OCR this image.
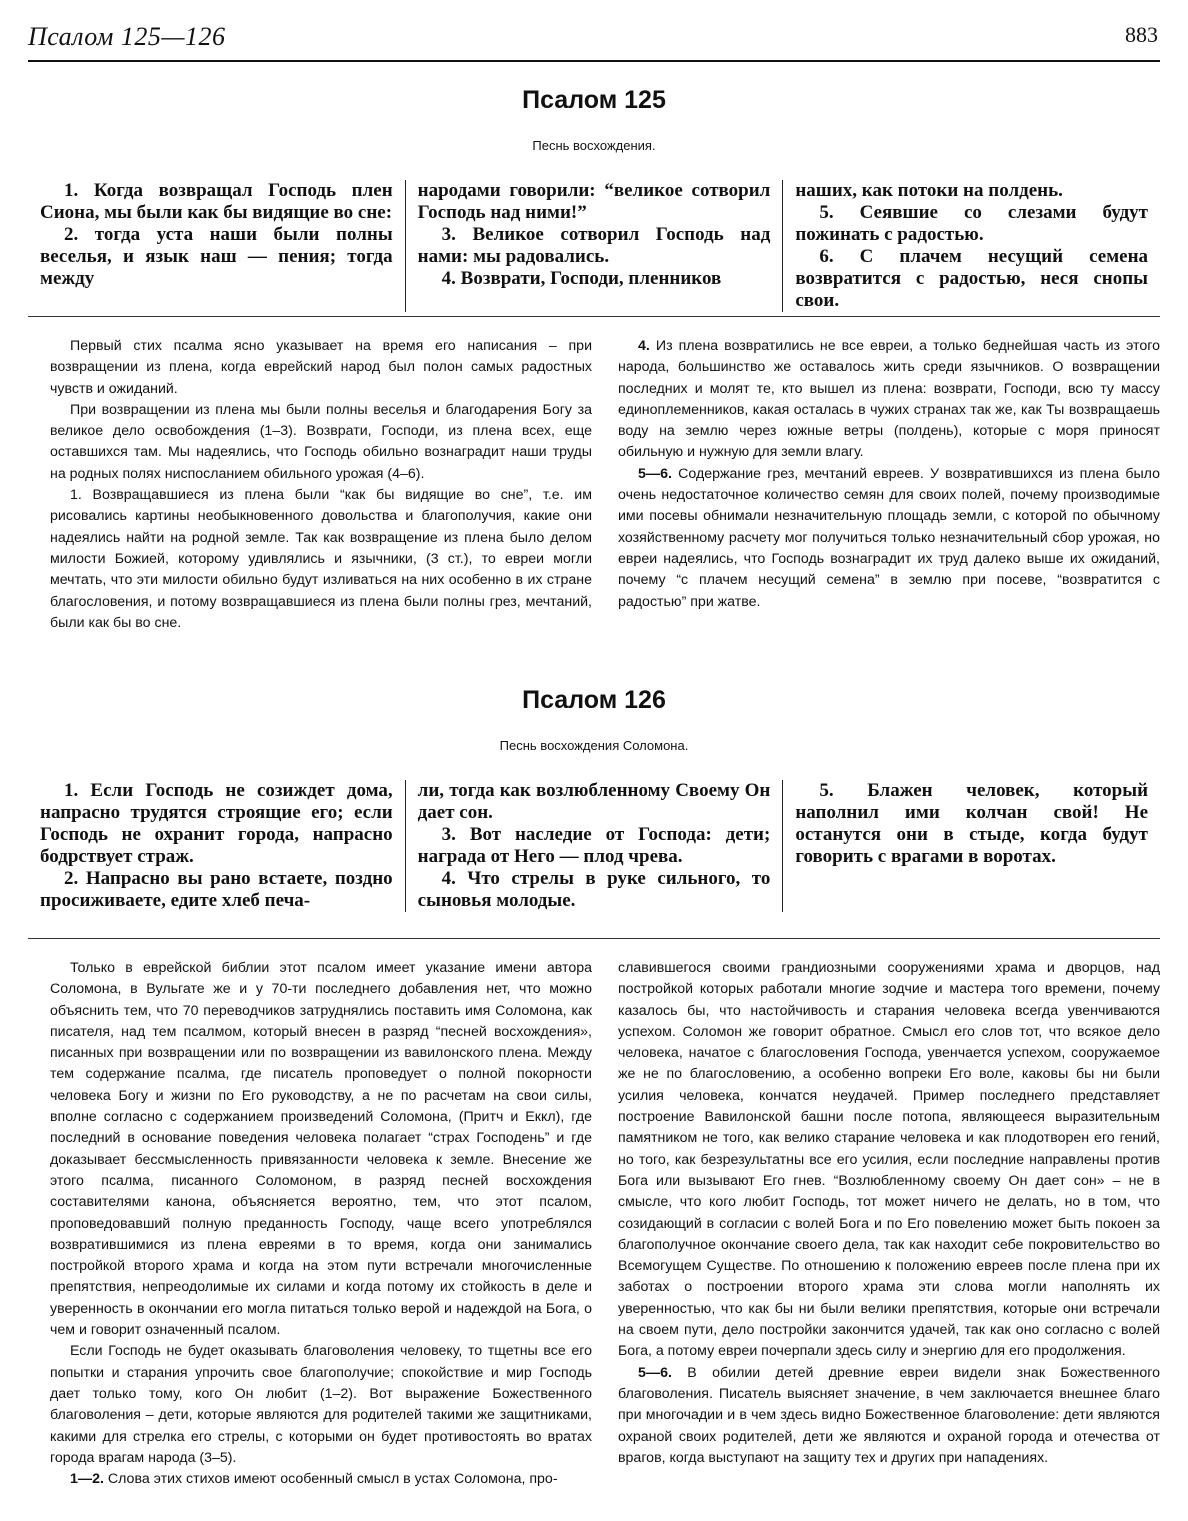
Псалом 125—126	883
Псалом 125
Песнь восхождения.

1. Когда возвращал Господь плен Сиона, мы были как бы видящие во сне:

2. тогда уста наши были полны веселья, и язык наш — пения; тогда между

народами говорили: “великое сотворил Господь над ними!”

3. Великое сотворил Господь над нами: мы радовались.

4. Возврати, Господи, пленников

наших, как потоки на полдень.

5. Сеявшие со слезами будут пожинать с радостью.

6. С плачем несущий семена возвратится с радостью, неся снопы свои.

Первый стих псалма ясно указывает на время его написания – при возвращении из плена, когда еврейский народ был полон самых радостных чувств и ожиданий.

При возвращении из плена мы были полны веселья и благодарения Богу за великое дело освобождения (1–3). Возврати, Господи, из плена всех, еще оставшихся там. Мы надеялись, что Господь обильно вознаградит наши труды на родных полях ниспосланием обильного урожая (4–6).

1. Возвращавшиеся из плена были “как бы видящие во сне”, т.е. им рисовались картины необыкновенного довольства и благополучия, какие они надеялись найти на родной земле. Так как возвращение из плена было делом милости Божией, которому удивлялись и язычники, (3 ст.), то евреи могли мечтать, что эти милости обильно будут изливаться на них особенно в их стране благословения, и потому возвращавшиеся из плена были полны грез, мечтаний, были как бы во сне.

4. Из плена возвратились не все евреи, а только беднейшая часть из этого народа, большинство же оставалось жить среди язычников. О возвращении последних и молят те, кто вышел из плена: возврати, Господи, всю ту массу единоплеменников, какая осталась в чужих странах так же, как Ты возвращаешь воду на землю через южные ветры (полдень), которые с моря приносят обильную и нужную для земли влагу.

5—6. Содержание грез, мечтаний евреев. У возвратившихся из плена было очень недостаточное количество семян для своих полей, почему производимые ими посевы обнимали незначительную площадь земли, с которой по обычному хозяйственному расчету мог получиться только незначительный сбор урожая, но евреи надеялись, что Господь вознаградит их труд далеко выше их ожиданий, почему “с плачем несущий семена” в землю при посеве, “возвратится с радостью” при жатве.

Псалом 126
Песнь восхождения Соломона.

1. Если Господь не созиждет дома, напрасно трудятся строящие его; если Господь не охранит города, напрасно бодрствует страж.

2. Напрасно вы рано встаете, поздно просиживаете, едите хлеб печа-

ли, тогда как возлюбленному Своему Он дает сон.

3. Вот наследие от Господа: дети; награда от Него — плод чрева.

4. Что стрелы в руке сильного, то сыновья молодые.

5. Блажен человек, который наполнил ими колчан свой! Не останутся они в стыде, когда будут говорить с врагами в воротах.

Только в еврейской библии этот псалом имеет указание имени автора Соломона, в Вульгате же и у 70-ти последнего добавления нет, что можно объяснить тем, что 70 переводчиков затруднялись поставить имя Соломона, как писателя, над тем псалмом, который внесен в разряд “песней восхождения», писанных при возвращении или по возвращении из вавилонского плена. Между тем содержание псалма, где писатель проповедует о полной покорности человека Богу и жизни по Его руководству, а не по расчетам на свои силы, вполне согласно с содержанием произведений Соломона, (Притч и Еккл), где последний в основание поведения человека полагает “страх Господень” и где доказывает бессмысленность привязанности человека к земле. Внесение же этого псалма, писанного Соломоном, в разряд песней восхождения составителями канона, объясняется вероятно, тем, что этот псалом, проповедовавший полную преданность Господу, чаще всего употреблялся возвратившимися из плена евреями в то время, когда они занимались постройкой второго храма и когда на этом пути встречали многочисленные препятствия, непреодолимые их силами и когда потому их стойкость в деле и уверенность в окончании его могла питаться только верой и надеждой на Бога, о чем и говорит означенный псалом.

Если Господь не будет оказывать благоволения человеку, то тщетны все его попытки и старания упрочить свое благополучие; спокойствие и мир Господь дает только тому, кого Он любит (1–2). Вот выражение Божественного благоволения – дети, которые являются для родителей такими же защитниками, какими для стрелка его стрелы, с которыми он будет противостоять во вратах города врагам народа (3–5).

1—2. Слова этих стихов имеют особенный смысл в устах Соломона, про-

славившегося своими грандиозными сооружениями храма и дворцов, над постройкой которых работали многие зодчие и мастера того времени, почему казалось бы, что настойчивость и старания человека всегда увенчиваются успехом. Соломон же говорит обратное. Смысл его слов тот, что всякое дело человека, начатое с благословения Господа, увенчается успехом, сооружаемое же не по благословению, а особенно вопреки Его воле, каковы бы ни были усилия человека, кончатся неудачей. Пример последнего представляет построение Вавилонской башни после потопа, являющееся выразительным памятником не того, как велико старание человека и как плодотворен его гений, но того, как безрезультатны все его усилия, если последние направлены против Бога или вызывают Его гнев. “Возлюбленному своему Он дает сон» – не в смысле, что кого любит Господь, тот может ничего не делать, но в том, что созидающий в согласии с волей Бога и по Его повелению может быть покоен за благополучное окончание своего дела, так как находит себе покровительство во Всемогущем Существе. По отношению к положению евреев после плена при их заботах о построении второго храма эти слова могли наполнять их уверенностью, что как бы ни были велики препятствия, которые они встречали на своем пути, дело постройки закончится удачей, так как оно согласно с волей Бога, а потому евреи почерпали здесь силу и энергию для его продолжения.

5—6. В обилии детей древние евреи видели знак Божественного благоволения. Писатель выясняет значение, в чем заключается внешнее благо при многочадии и в чем здесь видно Божественное благоволение: дети являются охраной своих родителей, дети же являются и охраной города и отечества от врагов, когда выступают на защиту тех и других при нападениях.
